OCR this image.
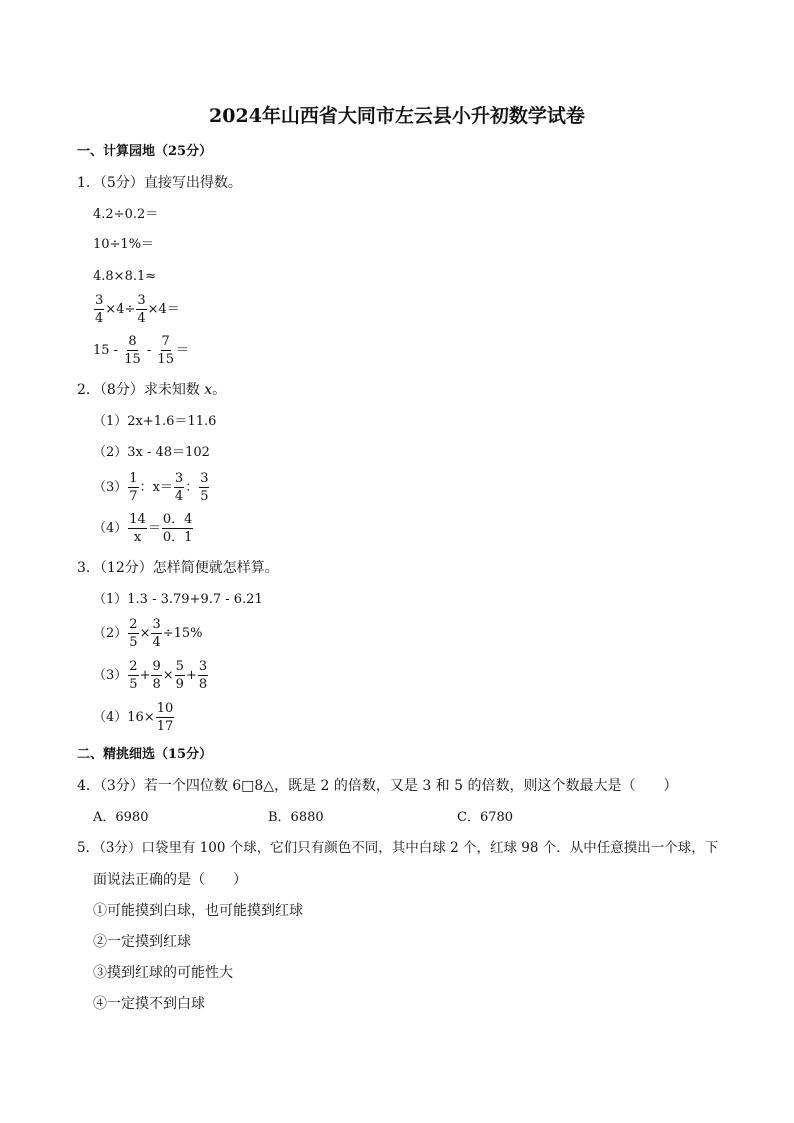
2024年山西省大同市左云县小升初数学试卷
一、计算园地（25分）
1．（5分）直接写出得数。
4.2÷0.2＝
10÷1%＝
4.8×8.1≈
$\frac{3}{4} \times 4\div \frac{3}{4} \times 4=$
$15 - \frac{8}{15} - \frac{7}{15}$ ＝
2．（8分）求未知数 x。
（1）2x+1.6＝11.6
（2）3x - 48＝102
$(3) \frac{1}{7}$ ：$x= \frac{3}{4}$ ： $\frac{3}{5}$
$(4) \frac{14}{x} = \frac{0.4}{0.1}$
3．（12分）怎样简便就怎样算。
（1）1.3 - 3.79+9.7 - 6.21
$(2) \frac{2}{5} \times \frac{3}{4} \div 15\%$
$(3) \frac{2}{5} + \frac{9}{8} \times \frac{5}{9} + \frac{3}{8}$
（4） $16\times \frac{10}{17}$
二、精挑细选（15分）
4．（3分）若一个四位数 6□8△，既是 2 的倍数，又是 3 和 5 的倍数，则这个数最大是（　　）
A．6980	B．6880	C．6780
5．（3分）口袋里有 100 个球，它们只有颜色不同，其中白球 2 个，红球 98 个．从中任意摸出一个球，下
面说法正确的是（　　）
①可能摸到白球，也可能摸到红球
②一定摸到红球
③摸到红球的可能性大
④一定摸不到白球
